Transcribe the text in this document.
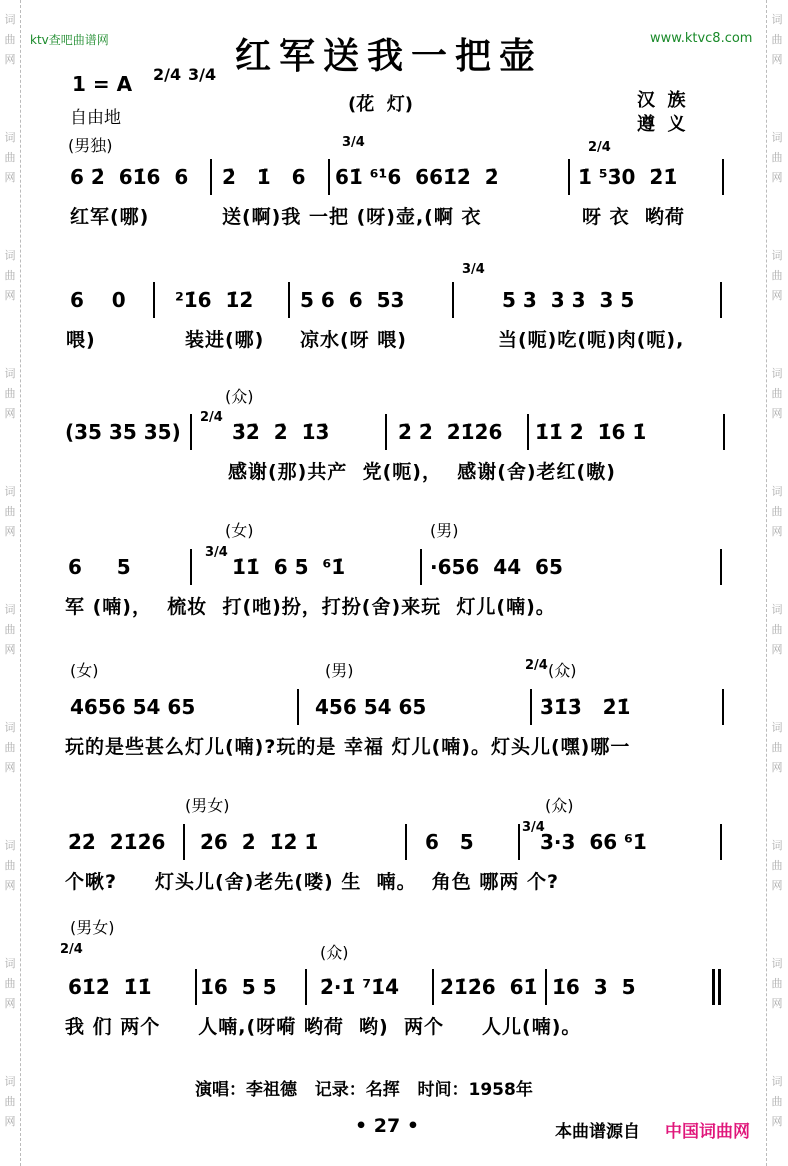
词曲网
词曲网
词曲网
词曲网
词曲网
词曲网
词曲网
词曲网
词曲网
词曲网
词曲网
词曲网
词曲网
词曲网
词曲网
词曲网
词曲网
词曲网
词曲网
词曲网
ktv查吧曲谱网	www.ktvc8.com
红军送我一把壶
1 = A 2/4 3/4
自由地
(花  灯)	汉  族
遵  义
(男独)	3/4	2/4
6 2̇  61̇6  6 2̇   1̇   6 61̇ ⁶¹̇6  661̇2̇  2̇	1̇ ⁵3̇0  2̇1̇
红军(哪)	送(啊)我 一把 (呀)壶,(啊 衣	呀 衣  哟荷
3/4
6    0 ²1̇6  1̇2̇ 5 6  6  53	5 3  3 3  3 5
喂)	装进(哪) 凉水(呀 喂)	当(呃)吃(呃)肉(呃),
(众)
2/4
(35 35 35)	3̇2̇  2̇  1̇3̇	2̇ 2̇  2̇1̇2̇6 1̇1̇ 2̇  1̇6 1̇
感谢(那)共产  党(呃)，  感谢(舍)老红(嗷)
(女)	(男)
3/4
6     5	1̇1̇  6 5  ⁶1̇	·656  44  65
军 (喃)，  梳妆  打(吔)扮，打扮(舍)来玩  灯儿(喃)。
(女)	(男)	(众)
2/4
4656 54 65	456 54 65	3̇1̇3̇   2̇1̇
玩的是些甚么灯儿(喃)?玩的是 幸福 灯儿(喃)。灯头儿(嘿)哪一
(男女)	(众)
3/4
2̇2̇  2̇1̇2̇6 2̇6  2̇  1̇2̇ 1̇	6   5	3·3  66 ⁶1̇
个啾? 灯头儿(舍)老先(喽) 生  喃。  角色 哪两 个?
(男女)
(众)
2/4
6̇1̇2̇  1̇1̇ 1̇6  5 5 2̇·1̇ ⁷1̇4̇ 2̇1̇2̇6  61̇ 1̇6  3  5
我 们 两个     人喃,(呀嗬 哟荷  哟)  两个     人儿(喃)。
演唱：李祖德   记录：名挥   时间：1958年
• 27 •	本曲谱源自 中国词曲网
